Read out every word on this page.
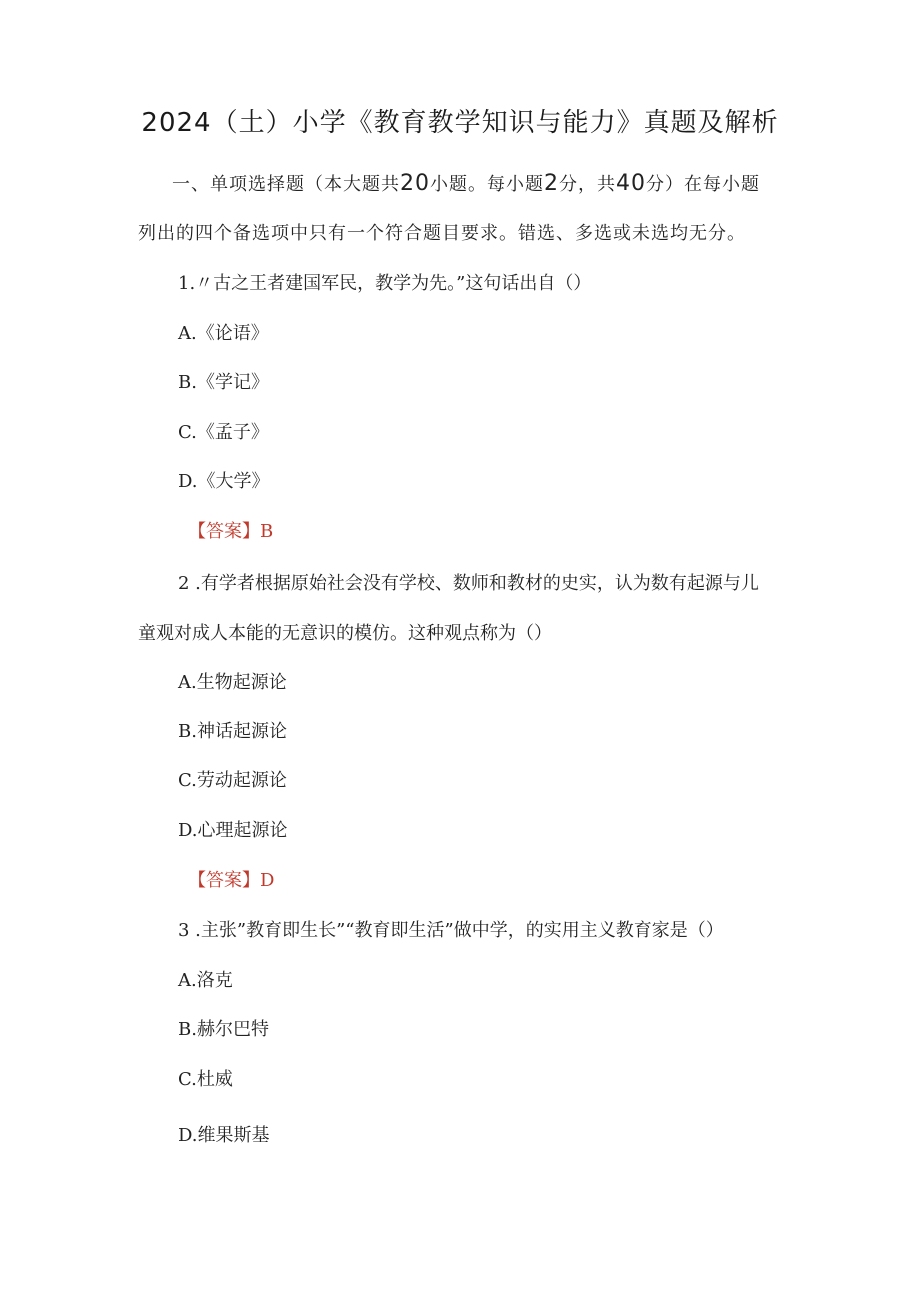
2024（土）小学《教育教学知识与能力》真题及解析
一、单项选择题（本大题共20小题。每小题2分，共40分）在每小题
列出的四个备选项中只有一个符合题目要求。错选、多选或未选均无分。
1.〃古之王者建国军民，教学为先。”这句话出自（）
A.《论语》
B.《学记》
C.《孟子》
D.《大学》
【答案】B
2 .有学者根据原始社会没有学校、数师和教材的史实，认为数有起源与儿
童观对成人本能的无意识的模仿。这种观点称为（）
A.生物起源论
B.神话起源论
C.劳动起源论
D.心理起源论
【答案】D
3 .主张”教育即生长”“教育即生活”做中学，的实用主义教育家是（）
A.洛克
B.赫尔巴特
C.杜威
D.维果斯基
